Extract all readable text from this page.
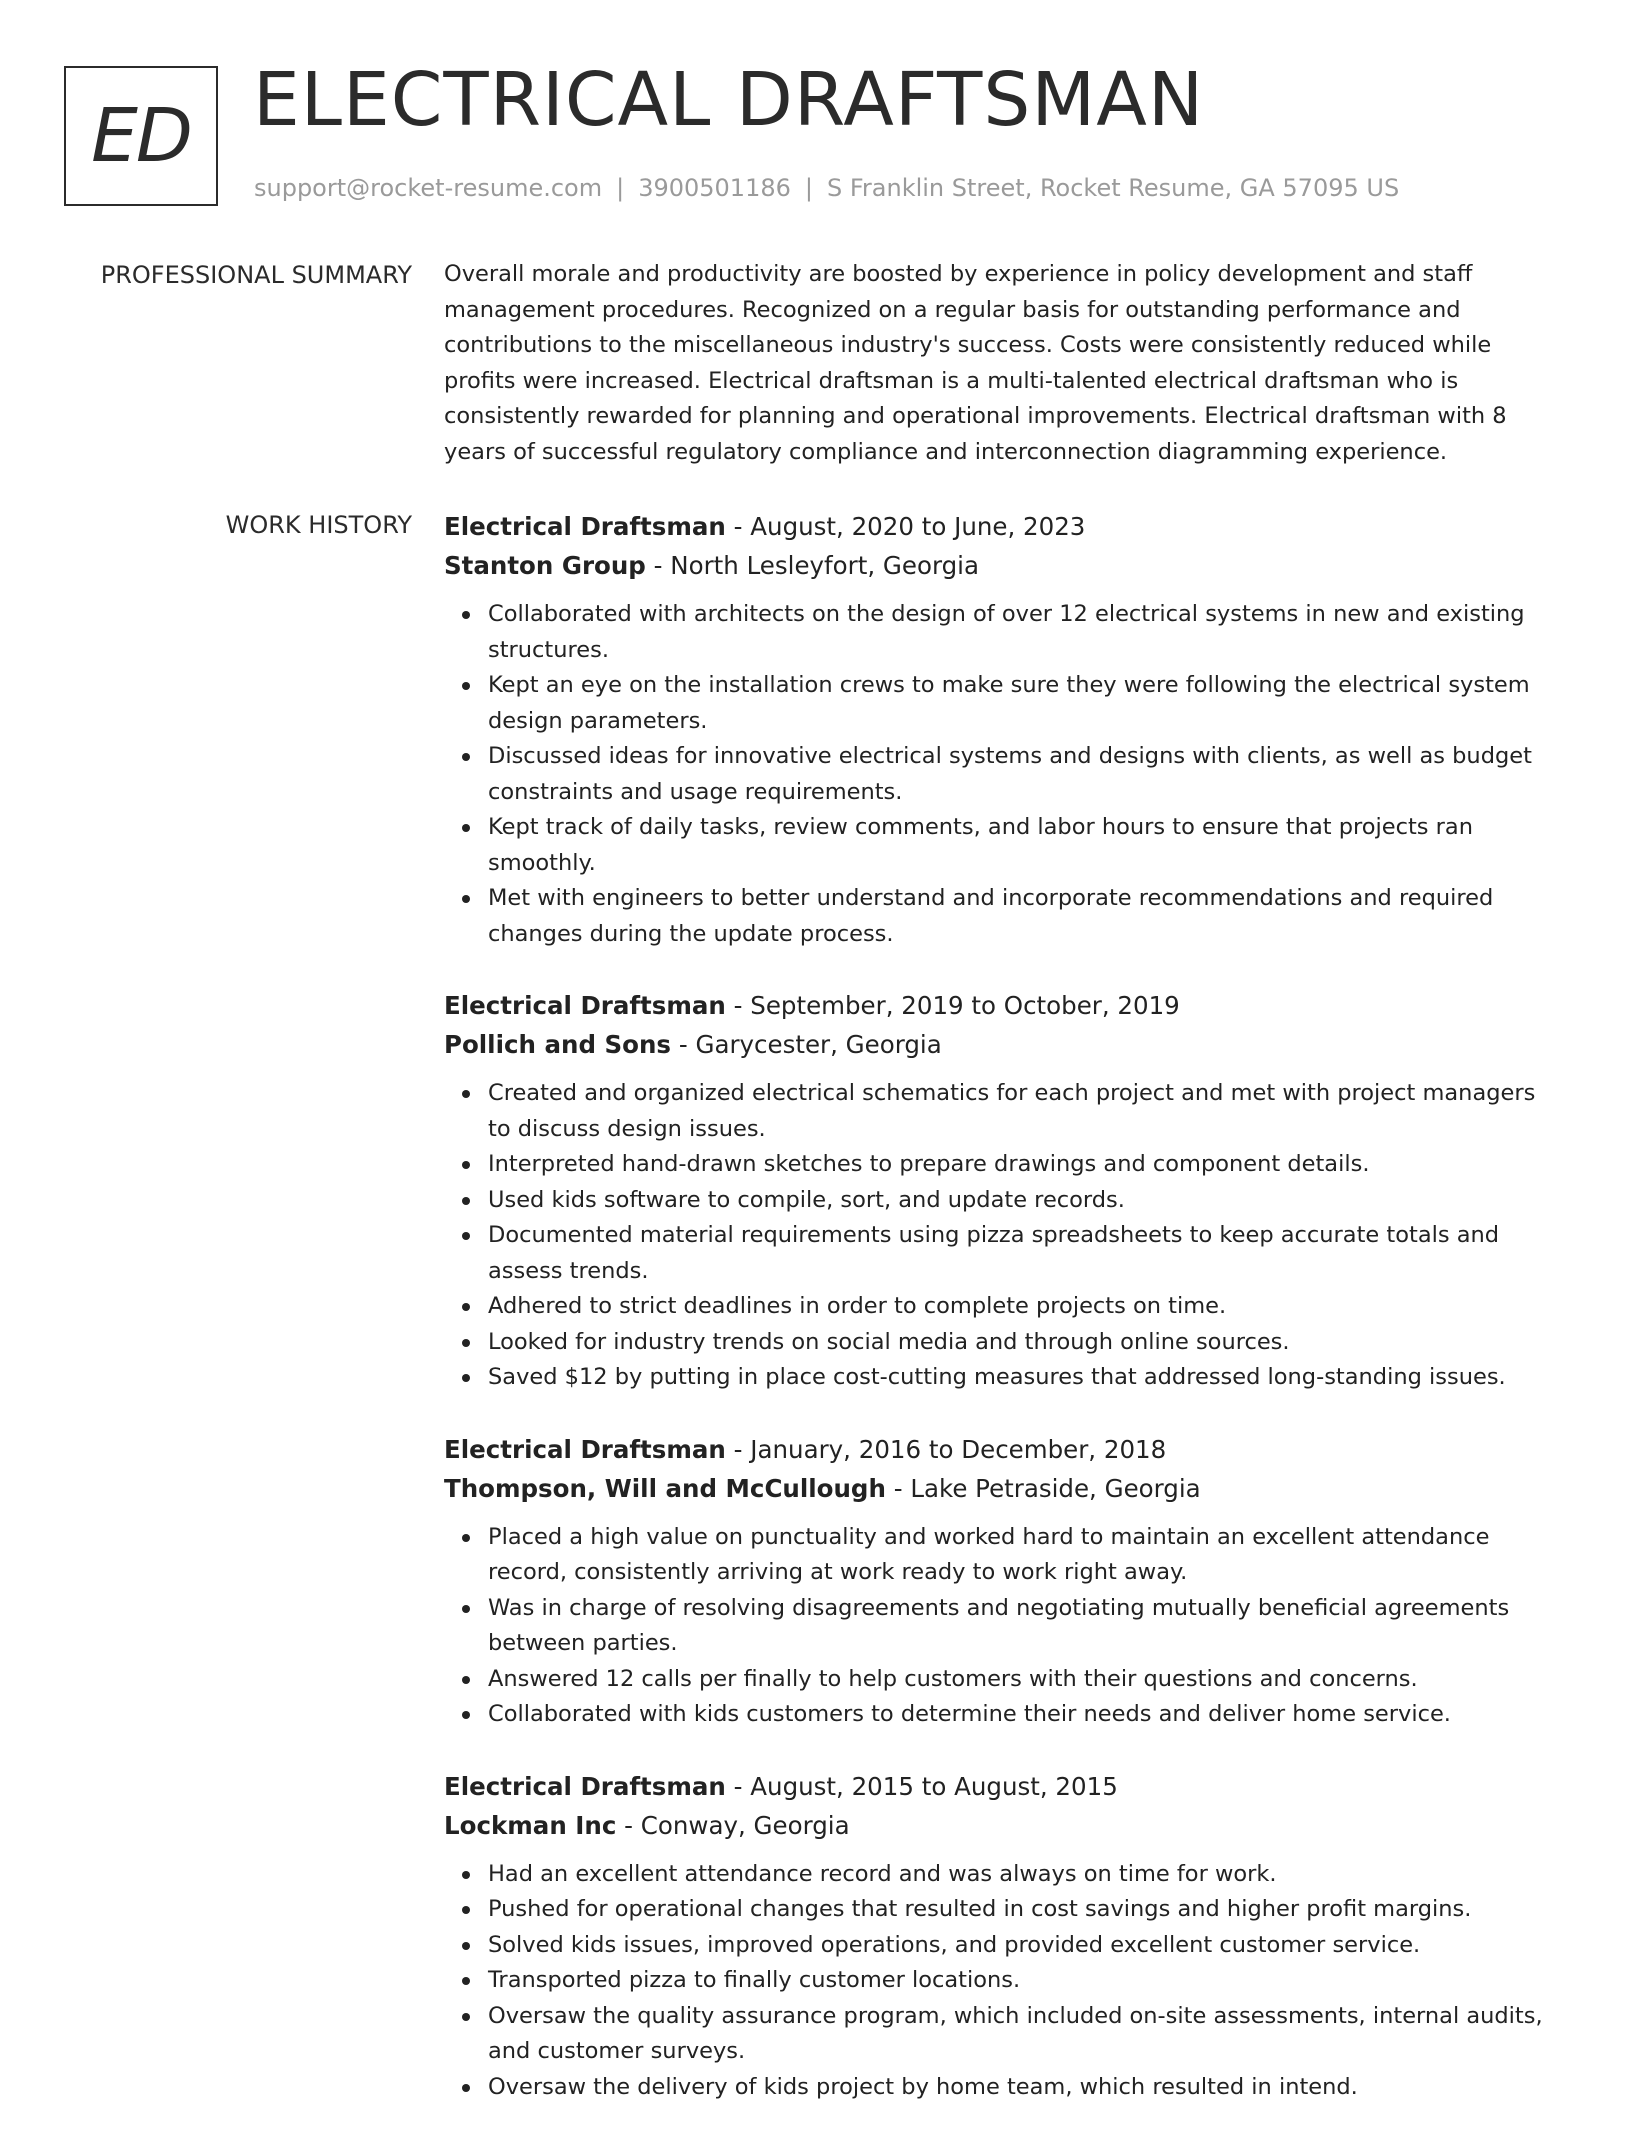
ED ELECTRICAL DRAFTSMAN
support@rocket-resume.com | 3900501186 | S Franklin Street, Rocket Resume, GA 57095 US
PROFESSIONAL SUMMARY Overall morale and productivity are boosted by experience in policy development and staff management procedures. Recognized on a regular basis for outstanding performance and contributions to the miscellaneous industry's success. Costs were consistently reduced while profits were increased. Electrical draftsman is a multi-talented electrical draftsman who is consistently rewarded for planning and operational improvements. Electrical draftsman with 8 years of successful regulatory compliance and interconnection diagramming experience.

WORK HISTORY Electrical Draftsman - August, 2020 to June, 2023
Stanton Group - North Lesleyfort, Georgia
Collaborated with architects on the design of over 12 electrical systems in new and existing structures.
Kept an eye on the installation crews to make sure they were following the electrical system design parameters.
Discussed ideas for innovative electrical systems and designs with clients, as well as budget constraints and usage requirements.
Kept track of daily tasks, review comments, and labor hours to ensure that projects ran smoothly.
Met with engineers to better understand and incorporate recommendations and required changes during the update process.
Electrical Draftsman - September, 2019 to October, 2019
Pollich and Sons - Garycester, Georgia
Created and organized electrical schematics for each project and met with project managers to discuss design issues.
Interpreted hand-drawn sketches to prepare drawings and component details.
Used kids software to compile, sort, and update records.
Documented material requirements using pizza spreadsheets to keep accurate totals and assess trends.
Adhered to strict deadlines in order to complete projects on time.
Looked for industry trends on social media and through online sources.
Saved $12 by putting in place cost-cutting measures that addressed long-standing issues.
Electrical Draftsman - January, 2016 to December, 2018
Thompson, Will and McCullough - Lake Petraside, Georgia
Placed a high value on punctuality and worked hard to maintain an excellent attendance record, consistently arriving at work ready to work right away.
Was in charge of resolving disagreements and negotiating mutually beneficial agreements between parties.
Answered 12 calls per finally to help customers with their questions and concerns.
Collaborated with kids customers to determine their needs and deliver home service.
Electrical Draftsman - August, 2015 to August, 2015
Lockman Inc - Conway, Georgia
Had an excellent attendance record and was always on time for work.
Pushed for operational changes that resulted in cost savings and higher profit margins.
Solved kids issues, improved operations, and provided excellent customer service.
Transported pizza to finally customer locations.
Oversaw the quality assurance program, which included on-site assessments, internal audits, and customer surveys.
Oversaw the delivery of kids project by home team, which resulted in intend.
